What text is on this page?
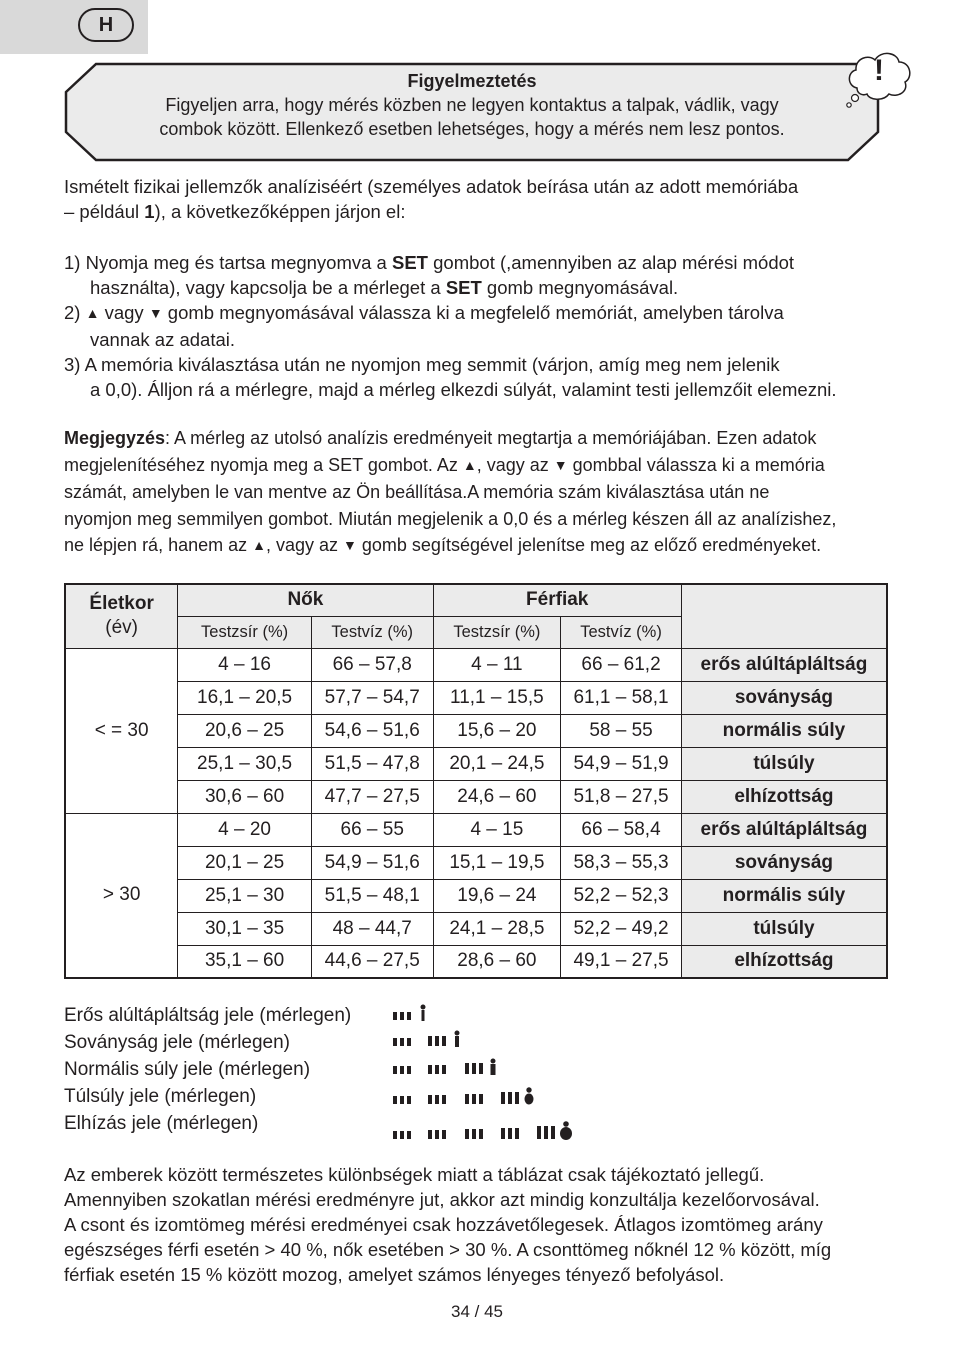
H
Figyelmeztetés
Figyeljen arra, hogy mérés közben ne legyen kontaktus a talpak, vádlik, vagy
combok között. Ellenkező esetben lehetséges, hogy a mérés nem lesz pontos.
!
Ismételt fizikai jellemzők analíziséért (személyes adatok beírása után az adott memóriába
– például 1), a következőképpen járjon el:
1) Nyomja meg és tartsa megnyomva a SET gombot (,amennyiben az alap mérési módot
használta), vagy kapcsolja be a mérleget a SET gomb megnyomásával.
2) ▲ vagy ▼ gomb megnyomásával válassza ki a megfelelő memóriát, amelyben tárolva
vannak az adatai.
3) A memória kiválasztása után ne nyomjon meg semmit (várjon, amíg meg nem jelenik
a 0,0). Álljon rá a mérlegre, majd a mérleg elkezdi súlyát, valamint testi jellemzőit elemezni.
Megjegyzés: A mérleg az utolsó analízis eredményeit megtartja a memóriájában. Ezen adatok
megjelenítéséhez nyomja meg a SET gombot. Az ▲, vagy az ▼ gombbal válassza ki a memória
számát, amelyben le van mentve az Ön beállítása.A memória szám kiválasztása után ne
nyomjon meg semmilyen gombot. Miután megjelenik a 0,0 és a mérleg készen áll az analízishez,
ne lépjen rá, hanem az ▲, vagy az ▼ gomb segítségével jelenítse meg az előző eredményeket.
Életkor
(év)	Nők		Férfiak		
	Testzsír (%)	Testvíz (%)	Testzsír (%)	Testvíz (%)	
< = 30	4 – 16	66 – 57,8	4 – 11	66 – 61,2	erős alúltápláltság
	16,1 – 20,5	57,7 – 54,7	11,1 – 15,5	61,1 – 58,1	soványság
	20,6 – 25	54,6 – 51,6	15,6 – 20	58 – 55	normális súly
	25,1 – 30,5	51,5 – 47,8	20,1 – 24,5	54,9 – 51,9	túlsúly
	30,6 – 60	47,7 – 27,5	24,6 – 60	51,8 – 27,5	elhízottság
> 30	4 – 20	66 – 55	4 – 15	66 – 58,4	erős alúltápláltság
	20,1 – 25	54,9 – 51,6	15,1 – 19,5	58,3 – 55,3	soványság
	25,1 – 30	51,5 – 48,1	19,6 – 24	52,2 – 52,3	normális súly
	30,1 – 35	48 – 44,7	24,1 – 28,5	52,2 – 49,2	túlsúly
	35,1 – 60	44,6 – 27,5	28,6 – 60	49,1 – 27,5	elhízottság
Erős alúltápláltság jele (mérlegen)
Soványság jele (mérlegen)
Normális súly jele (mérlegen)
Túlsúly jele (mérlegen)
Elhízás jele (mérlegen)
Az emberek között természetes különbségek miatt a táblázat csak tájékoztató jellegű.
Amennyiben szokatlan mérési eredményre jut, akkor azt mindig konzultálja kezelőorvosával.
A csont és izomtömeg mérési eredményei csak hozzávetőlegesek. Átlagos izomtömeg arány
egészséges férfi esetén > 40 %, nők esetében > 30 %. A csonttömeg nőknél 12 % között, míg
férfiak esetén 15 % között mozog, amelyet számos lényeges tényező befolyásol.
34 / 45
